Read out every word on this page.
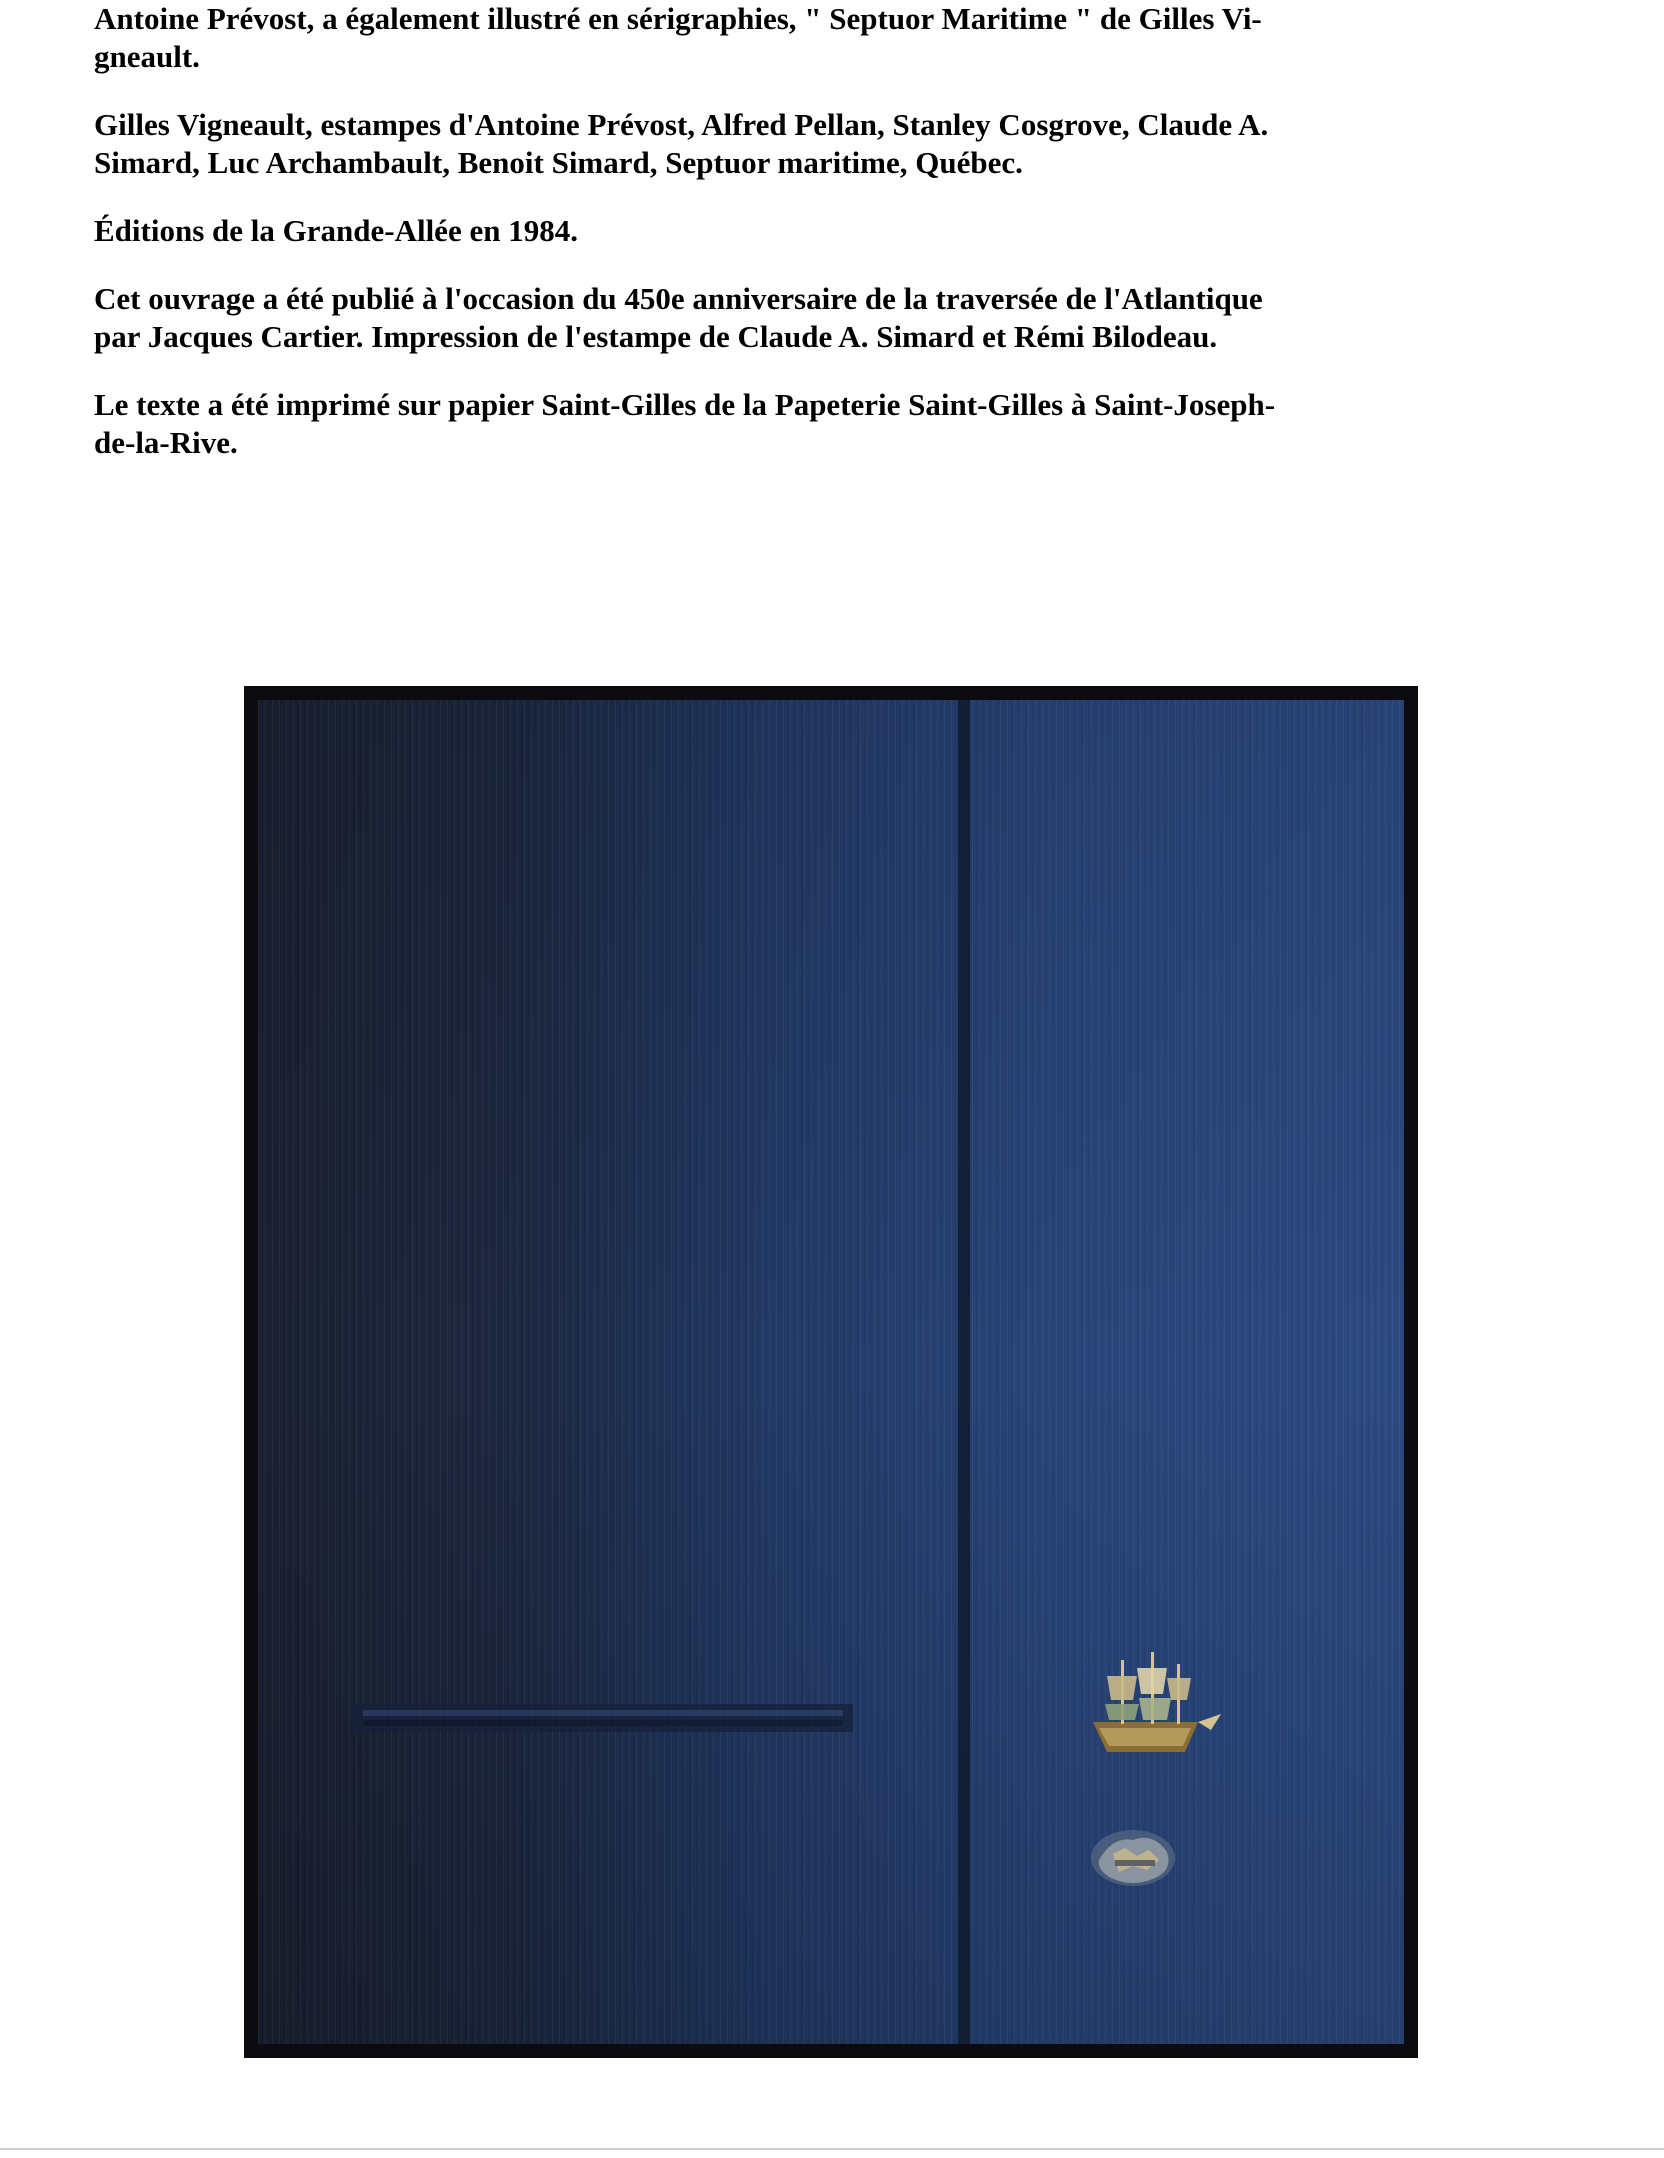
Antoine Prévost, a également illustré en sérigraphies, " Septuor Maritime " de Gilles Vi-
gneault.
Gilles Vigneault, estampes d'Antoine Prévost, Alfred Pellan, Stanley Cosgrove, Claude A.
Simard, Luc Archambault, Benoit Simard, Septuor maritime, Québec.
Éditions de la Grande-Allée en 1984.
Cet ouvrage a été publié à l'occasion du 450e anniversaire de la traversée de l'Atlantique
par Jacques Cartier. Impression de l'estampe de Claude A. Simard et Rémi Bilodeau.
Le texte a été imprimé sur papier Saint-Gilles de la Papeterie Saint-Gilles à Saint-Joseph-
de-la-Rive.
